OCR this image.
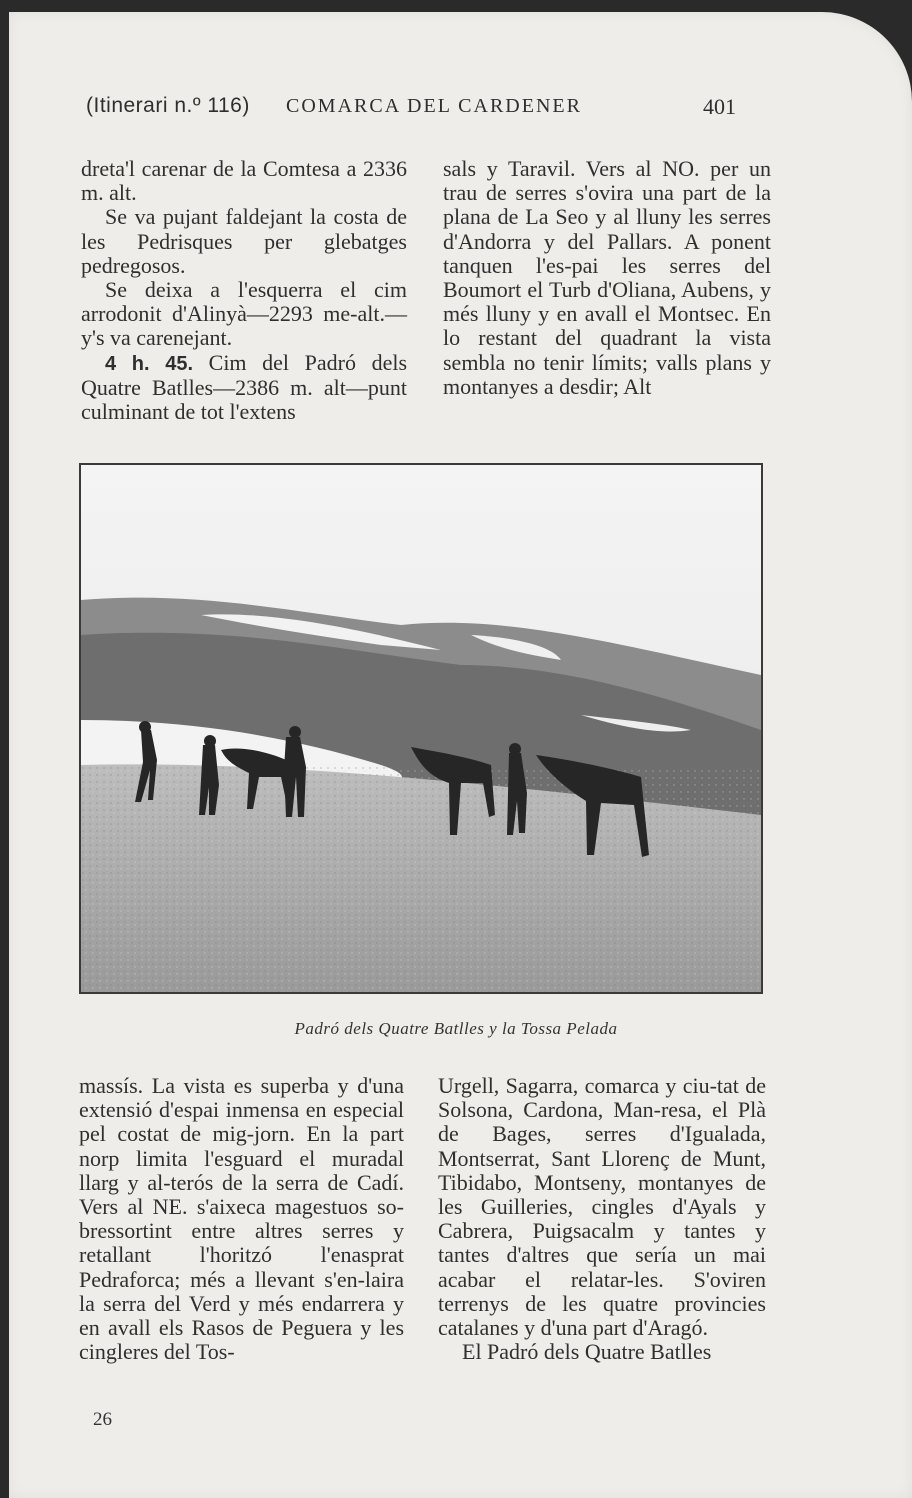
(Itinerari n.º 116) COMARCA DEL CARDENER	401

dreta'l carenar de la Comtesa a 2336 m. alt.

Se va pujant faldejant la costa de les Pedrisques per glebatges pedregosos.

Se deixa a l'esquerra el cim arrodonit d'Alinyà—2293 me-alt.—y's va carenejant.

4 h. 45. Cim del Padró dels Quatre Batlles—2386 m. alt—punt culminant de tot l'extens

sals y Taravil. Vers al NO. per un trau de serres s'ovira una part de la plana de La Seo y al lluny les serres d'Andorra y del Pallars. A ponent tanquen l'es-pai les serres del Boumort el Turb d'Oliana, Aubens, y més lluny y en avall el Montsec. En lo restant del quadrant la vista sembla no tenir límits; valls plans y montanyes a desdir; Alt

Padró dels Quatre Batlles y la Tossa Pelada

massís. La vista es superba y d'una extensió d'espai inmensa en especial pel costat de mig-jorn. En la part norp limita l'esguard el muradal llarg y al-terós de la serra de Cadí. Vers al NE. s'aixeca magestuos so-bressortint entre altres serres y retallant l'horitzó l'enasprat Pedraforca; més a llevant s'en-laira la serra del Verd y més endarrera y en avall els Rasos de Peguera y les cingleres del Tos-

Urgell, Sagarra, comarca y ciu-tat de Solsona, Cardona, Man-resa, el Plà de Bages, serres d'Igualada, Montserrat, Sant Llorenç de Munt, Tibidabo, Montseny, montanyes de les Guilleries, cingles d'Ayals y Cabrera, Puigsacalm y tantes y tantes d'altres que sería un mai acabar el relatar-les. S'oviren terrenys de les quatre provincies catalanes y d'una part d'Aragó.

El Padró dels Quatre Batlles

26
